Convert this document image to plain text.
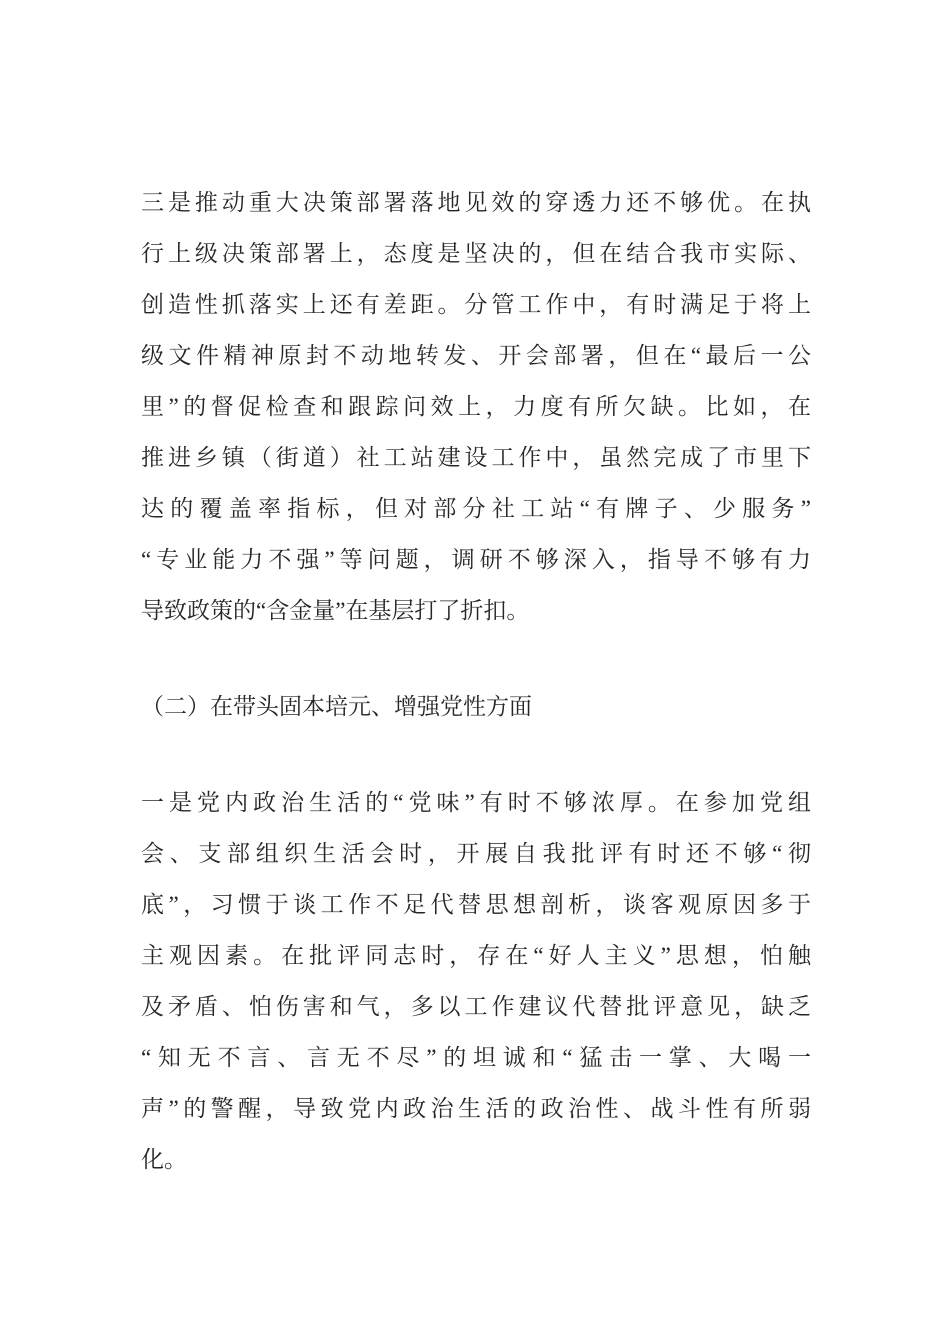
三是推动重大决策部署落地见效的穿透力还不够优。在执
行上级决策部署上，态度是坚决的，但在结合我市实际、
创造性抓落实上还有差距。分管工作中，有时满足于将上
级文件精神原封不动地转发、开会部署，但在“最后一公
里”的督促检查和跟踪问效上，力度有所欠缺。比如，在
推进乡镇（街道）社工站建设工作中，虽然完成了市里下
达的覆盖率指标，但对部分社工站“有牌子、少服务”
“专业能力不强”等问题，调研不够深入，指导不够有力
导致政策的“含金量”在基层打了折扣。
（二）在带头固本培元、增强党性方面
一是党内政治生活的“党味”有时不够浓厚。在参加党组
会、支部组织生活会时，开展自我批评有时还不够“彻
底”，习惯于谈工作不足代替思想剖析，谈客观原因多于
主观因素。在批评同志时，存在“好人主义”思想，怕触
及矛盾、怕伤害和气，多以工作建议代替批评意见，缺乏
“知无不言、言无不尽”的坦诚和“猛击一掌、大喝一
声”的警醒，导致党内政治生活的政治性、战斗性有所弱
化。
